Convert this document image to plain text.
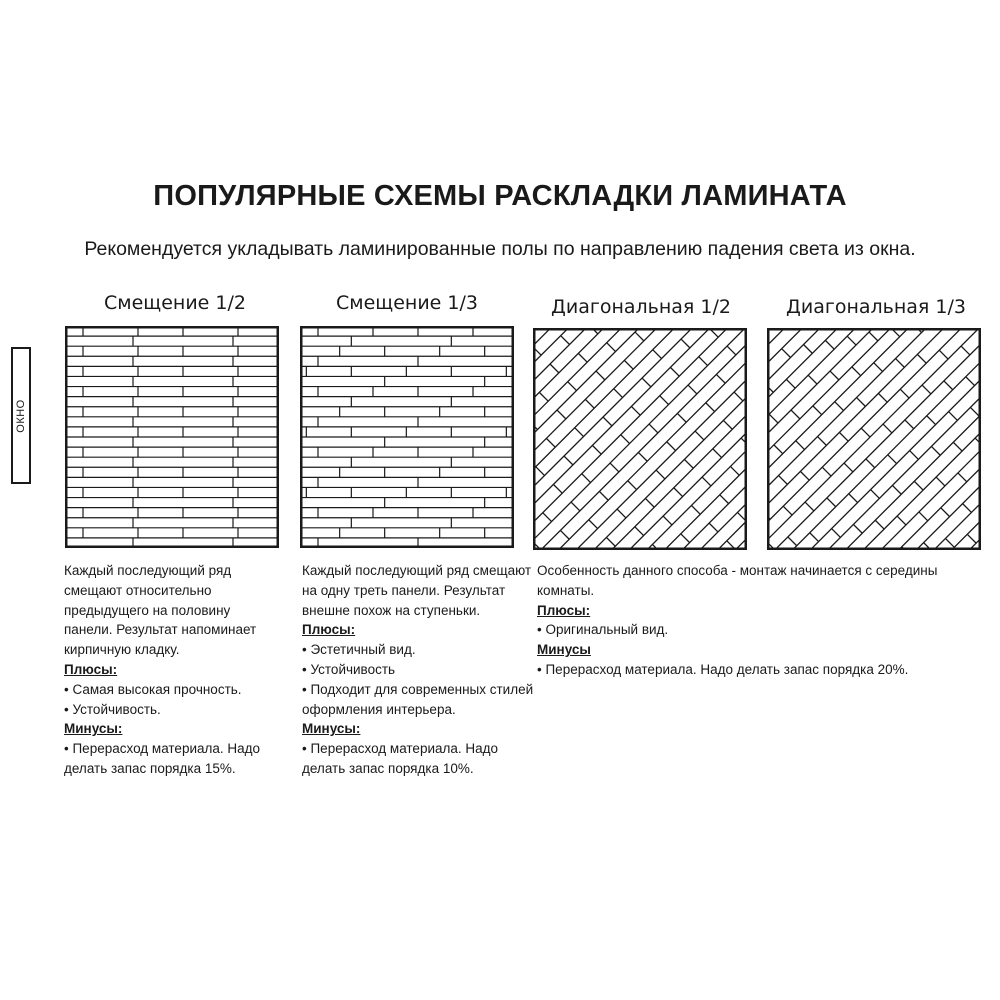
ПОПУЛЯРНЫЕ СХЕМЫ РАСКЛАДКИ ЛАМИНАТА

Рекомендуется укладывать ламинированные полы по направлению падения света из окна.

ОКНО
Смещение 1/2	Смещение 1/3	Диагональная 1/2	Диагональная 1/3

Каждый последующий ряд смещают относительно предыдущего на половину панели. Результат напоминает кирпичную кладку.

Плюсы:

• Самая высокая прочность.
• Устойчивость.

Минусы:

• Перерасход материала. Надо делать запас порядка 15%.

Каждый последующий ряд смещают на одну треть панели. Результат внешне похож на ступеньки.

Плюсы:

• Эстетичный вид.
• Устойчивость
• Подходит для современных стилей оформления интерьера.

Минусы:

• Перерасход материала. Надо делать запас порядка 10%.

Особенность данного способа - монтаж начинается с середины комнаты.

Плюсы:

• Оригинальный вид.

Минусы

• Перерасход материала. Надо делать запас порядка 20%.
